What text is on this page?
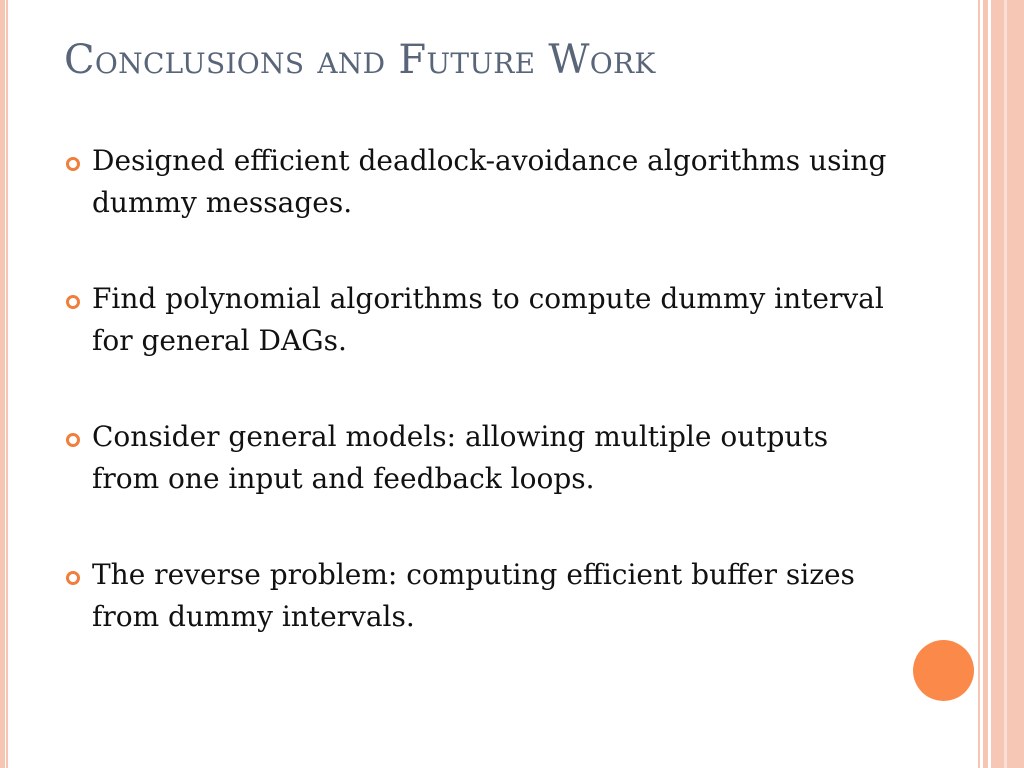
Conclusions and Future Work
Designed efficient deadlock-avoidance algorithms using dummy messages.
Find polynomial algorithms to compute dummy interval for general DAGs.
Consider general models: allowing multiple outputs from one input and feedback loops.
The reverse problem: computing efficient buffer sizes from dummy intervals.
